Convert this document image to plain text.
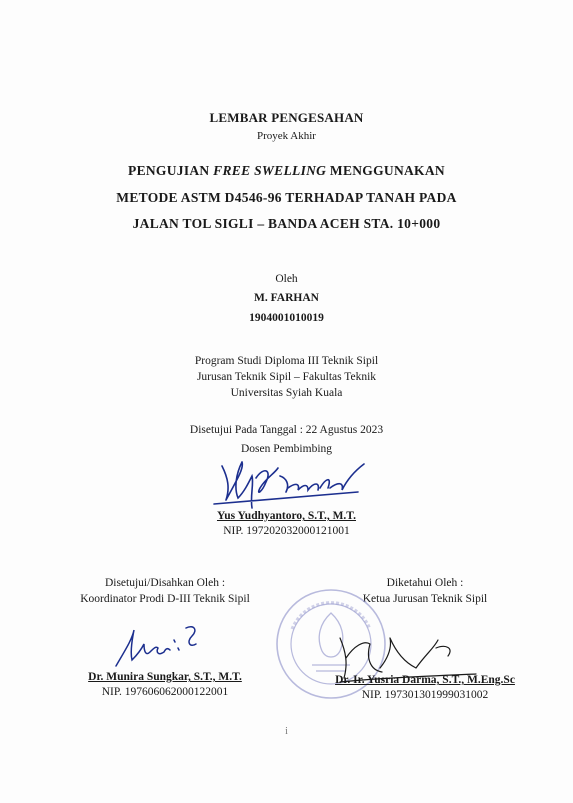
LEMBAR PENGESAHAN
Proyek Akhir
PENGUJIAN FREE SWELLING MENGGUNAKAN
METODE ASTM D4546-96 TERHADAP TANAH PADA
JALAN TOL SIGLI – BANDA ACEH STA. 10+000
Oleh
M. FARHAN
1904001010019
Program Studi Diploma III Teknik Sipil
Jurusan Teknik Sipil – Fakultas Teknik
Universitas Syiah Kuala
Disetujui Pada Tanggal : 22 Agustus 2023
Dosen Pembimbing
Yus Yudhyantoro, S.T., M.T.
NIP. 197202032000121001
Disetujui/Disahkan Oleh :
Koordinator Prodi D-III Teknik Sipil
Dr. Munira Sungkar, S.T., M.T.
NIP. 197606062000122001
Diketahui Oleh :
Ketua Jurusan Teknik Sipil
Dr. Ir. Yusria Darma, S.T., M.Eng.Sc
NIP. 197301301999031002
i
